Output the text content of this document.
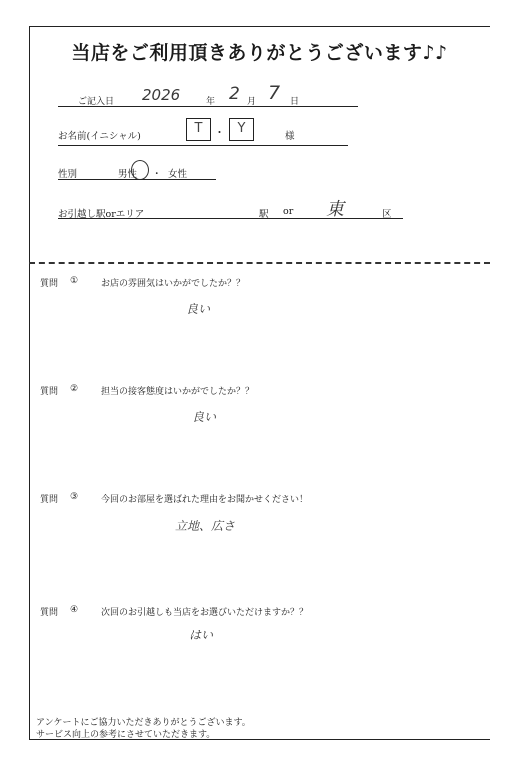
当店をご利用頂きありがとうございます♪♪
ご記入日 2026	年 2 月 7 日
お名前(イニシャル)
T	・ Y
様
性別	男性 ・ 女性
お引越し駅orエリア	駅 or 東	区
質問 ①	お店の雰囲気はいかがでしたか？？
良い
質問 ②	担当の接客態度はいかがでしたか？？
良い
質問 ③	今回のお部屋を選ばれた理由をお聞かせください！
立地、広さ
質問 ④	次回のお引越しも当店をお選びいただけますか？？
はい
アンケートにご協力いただきありがとうございます。
サービス向上の参考にさせていただきます。
